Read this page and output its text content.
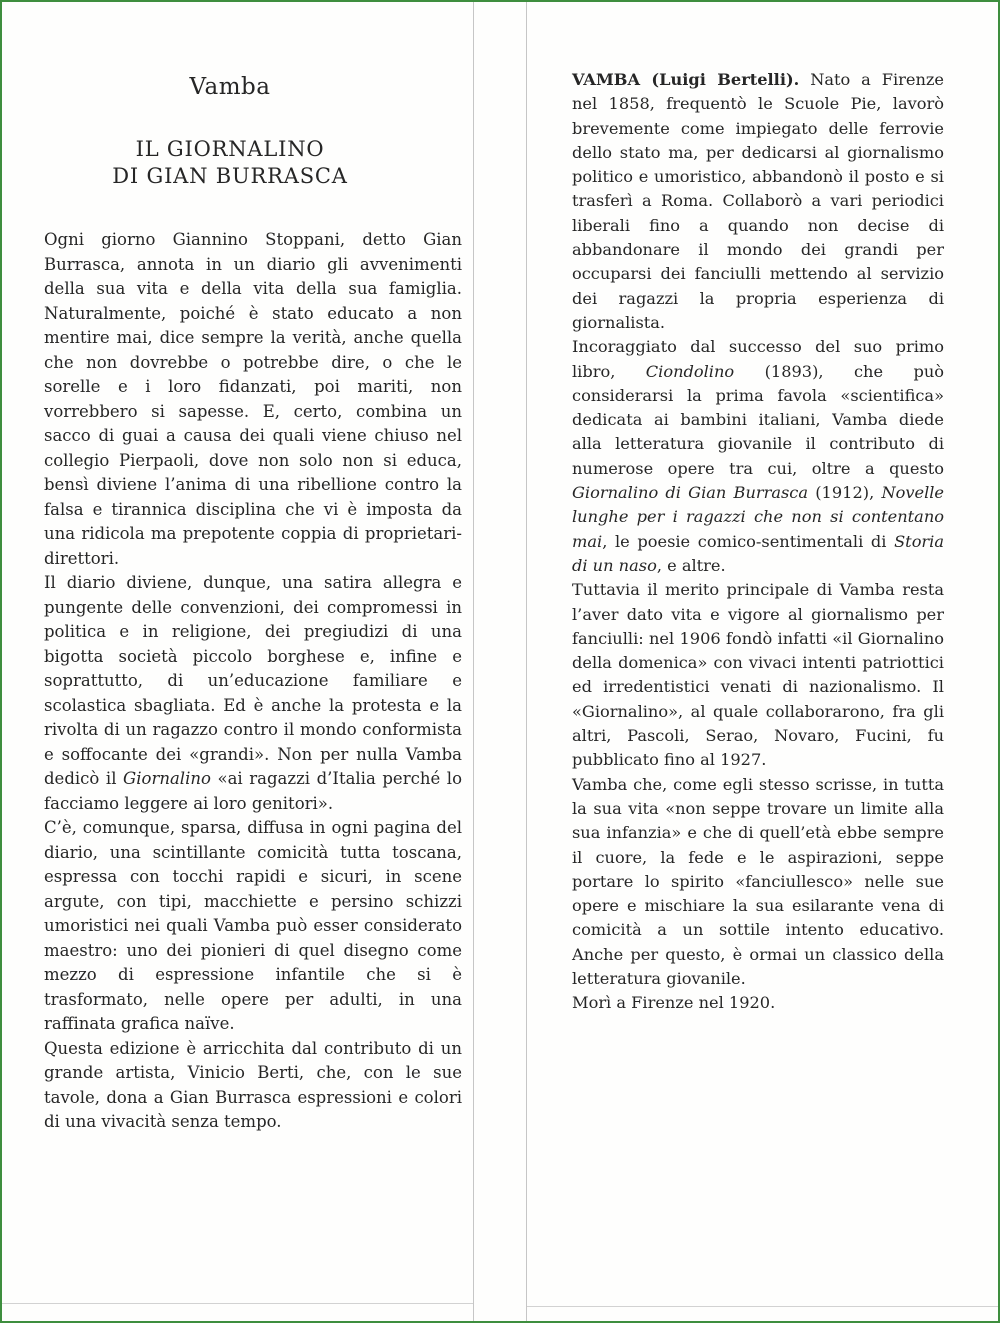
Vamba
IL GIORNALINO
DI GIAN BURRASCA

Ogni giorno Giannino Stoppani, detto Gian Burrasca, annota in un diario gli avvenimenti della sua vita e della vita della sua famiglia. Naturalmente, poiché è stato educato a non mentire mai, dice sempre la verità, anche quella che non dovrebbe o potrebbe dire, o che le sorelle e i loro fidanzati, poi mariti, non vorrebbero si sapesse. E, certo, combina un sacco di guai a causa dei quali viene chiuso nel collegio Pierpaoli, dove non solo non si educa, bensì diviene l’anima di una ribellione contro la falsa e tirannica disciplina che vi è imposta da una ridicola ma prepotente coppia di proprietari-direttori.

Il diario diviene, dunque, una satira allegra e pungente delle convenzioni, dei compromessi in politica e in religione, dei pregiudizi di una bigotta società piccolo borghese e, infine e soprattutto, di un’educazione familiare e scolastica sbagliata. Ed è anche la protesta e la rivolta di un ragazzo contro il mondo conformista e soffocante dei «grandi». Non per nulla Vamba dedicò il Giornalino «ai ragazzi d’Italia perché lo facciamo leggere ai loro genitori».

C’è, comunque, sparsa, diffusa in ogni pagina del diario, una scintillante comicità tutta toscana, espressa con tocchi rapidi e sicuri, in scene argute, con tipi, macchiette e persino schizzi umoristici nei quali Vamba può esser considerato maestro: uno dei pionieri di quel disegno come mezzo di espressione infantile che si è trasformato, nelle opere per adulti, in una raffinata grafica naïve.

Questa edizione è arricchita dal contributo di un grande artista, Vinicio Berti, che, con le sue tavole, dona a Gian Burrasca espressioni e colori di una vivacità senza tempo.

VAMBA (Luigi Bertelli). Nato a Firenze nel 1858, frequentò le Scuole Pie, lavorò brevemente come impiegato delle ferrovie dello stato ma, per dedicarsi al giornalismo politico e umoristico, abbandonò il posto e si trasferì a Roma. Collaborò a vari periodici liberali fino a quando non decise di abbandonare il mondo dei grandi per occuparsi dei fanciulli mettendo al servizio dei ragazzi la propria esperienza di giornalista.

Incoraggiato dal successo del suo primo libro, Ciondolino (1893), che può considerarsi la prima favola «scientifica» dedicata ai bambini italiani, Vamba diede alla letteratura giovanile il contributo di numerose opere tra cui, oltre a questo Giornalino di Gian Burrasca (1912), Novelle lunghe per i ragazzi che non si contentano mai, le poesie comico-sentimentali di Storia di un naso, e altre.

Tuttavia il merito principale di Vamba resta l’aver dato vita e vigore al giornalismo per fanciulli: nel 1906 fondò infatti «il Giornalino della domenica» con vivaci intenti patriottici ed irredentistici venati di nazionalismo. Il «Giornalino», al quale collaborarono, fra gli altri, Pascoli, Serao, Novaro, Fucini, fu pubblicato fino al 1927.

Vamba che, come egli stesso scrisse, in tutta la sua vita «non seppe trovare un limite alla sua infanzia» e che di quell’età ebbe sempre il cuore, la fede e le aspirazioni, seppe portare lo spirito «fanciullesco» nelle sue opere e mischiare la sua esilarante vena di comicità a un sottile intento educativo. Anche per questo, è ormai un classico della letteratura giovanile.

Morì a Firenze nel 1920.
